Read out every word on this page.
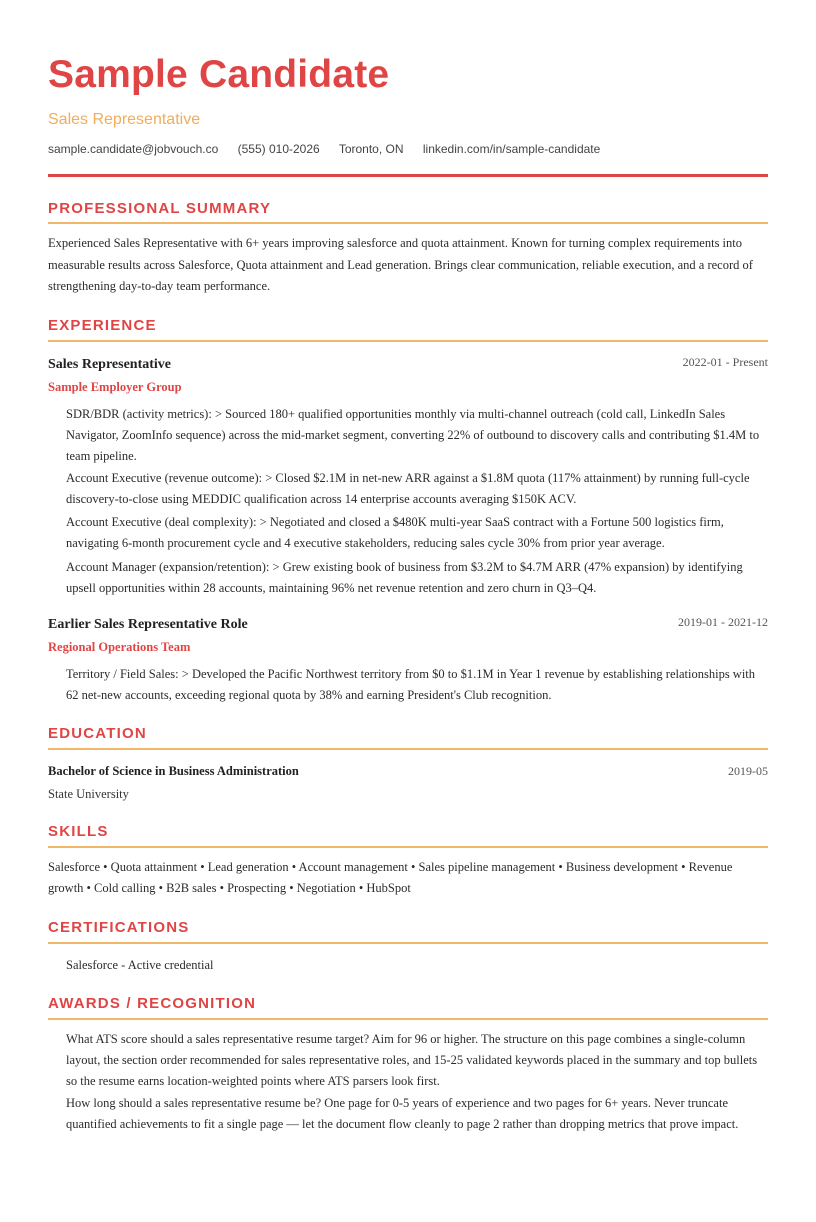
Sample Candidate
Sales Representative
sample.candidate@jobvouch.co (555) 010-2026 Toronto, ON linkedin.com/in/sample-candidate
PROFESSIONAL SUMMARY
Experienced Sales Representative with 6+ years improving salesforce and quota attainment. Known for turning complex requirements into measurable results across Salesforce, Quota attainment and Lead generation. Brings clear communication, reliable execution, and a record of strengthening day-to-day team performance.
EXPERIENCE
Sales Representative	2022-01 - Present
Sample Employer Group
SDR/BDR (activity metrics): > Sourced 180+ qualified opportunities monthly via multi-channel outreach (cold call, LinkedIn Sales Navigator, ZoomInfo sequence) across the mid-market segment, converting 22% of outbound to discovery calls and contributing $1.4M to team pipeline.
Account Executive (revenue outcome): > Closed $2.1M in net-new ARR against a $1.8M quota (117% attainment) by running full-cycle discovery-to-close using MEDDIC qualification across 14 enterprise accounts averaging $150K ACV.
Account Executive (deal complexity): > Negotiated and closed a $480K multi-year SaaS contract with a Fortune 500 logistics firm, navigating 6-month procurement cycle and 4 executive stakeholders, reducing sales cycle 30% from prior year average.
Account Manager (expansion/retention): > Grew existing book of business from $3.2M to $4.7M ARR (47% expansion) by identifying upsell opportunities within 28 accounts, maintaining 96% net revenue retention and zero churn in Q3–Q4.
Earlier Sales Representative Role	2019-01 - 2021-12
Regional Operations Team
Territory / Field Sales: > Developed the Pacific Northwest territory from $0 to $1.1M in Year 1 revenue by establishing relationships with 62 net-new accounts, exceeding regional quota by 38% and earning President's Club recognition.
EDUCATION
Bachelor of Science in Business Administration	2019-05
State University
SKILLS
Salesforce • Quota attainment • Lead generation • Account management • Sales pipeline management • Business development • Revenue growth • Cold calling • B2B sales • Prospecting • Negotiation • HubSpot
CERTIFICATIONS
Salesforce - Active credential
AWARDS / RECOGNITION
What ATS score should a sales representative resume target? Aim for 96 or higher. The structure on this page combines a single-column layout, the section order recommended for sales representative roles, and 15-25 validated keywords placed in the summary and top bullets so the resume earns location-weighted points where ATS parsers look first.
How long should a sales representative resume be? One page for 0-5 years of experience and two pages for 6+ years. Never truncate quantified achievements to fit a single page — let the document flow cleanly to page 2 rather than dropping metrics that prove impact.
